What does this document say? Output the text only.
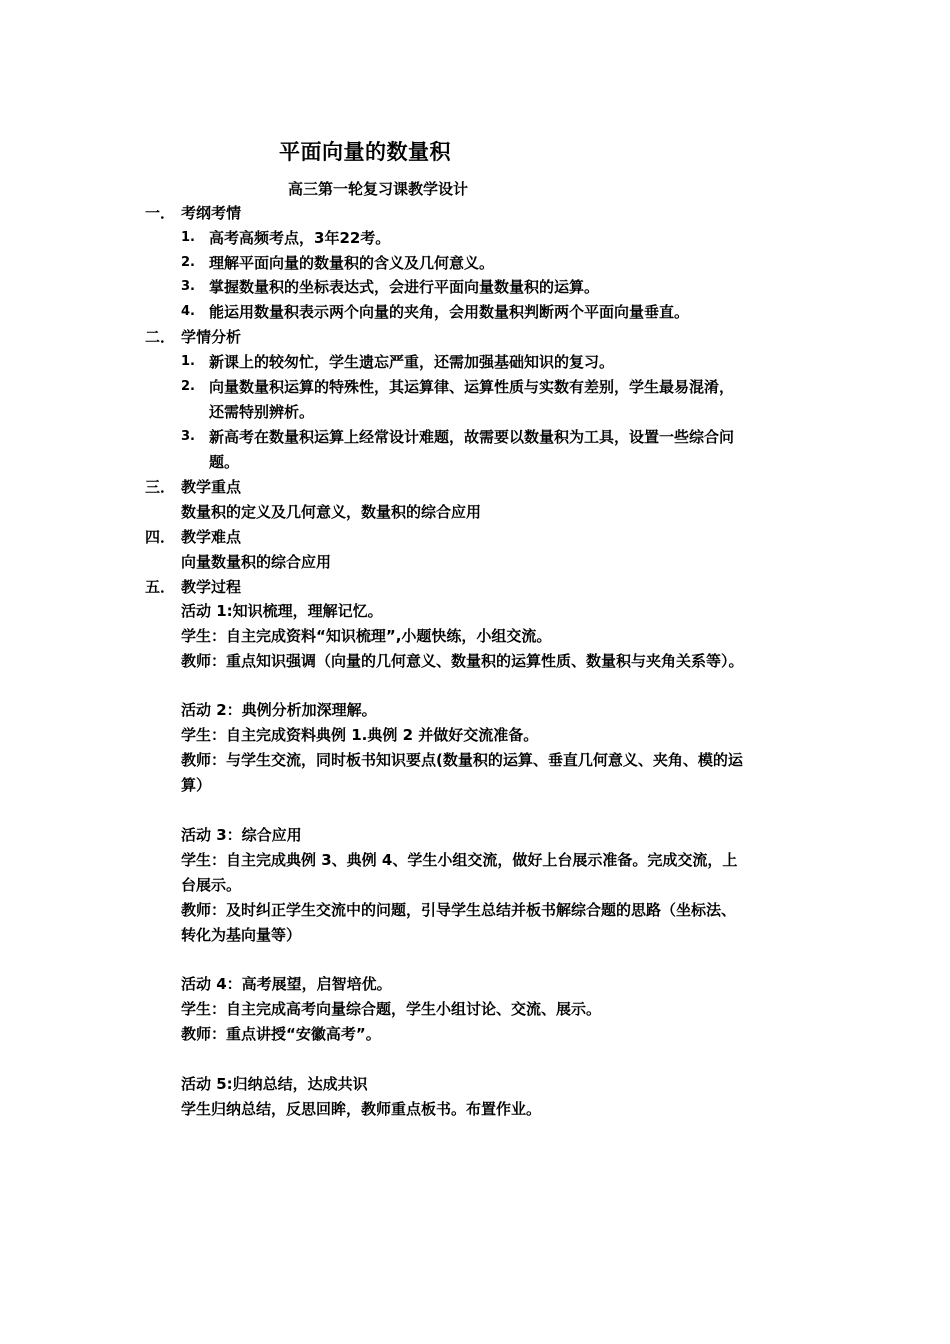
平面向量的数量积
高三第一轮复习课教学设计
一． 考纲考情
1. 高考高频考点，3年22考。
2. 理解平面向量的数量积的含义及几何意义。
3. 掌握数量积的坐标表达式，会进行平面向量数量积的运算。
4. 能运用数量积表示两个向量的夹角，会用数量积判断两个平面向量垂直。
二． 学情分析
1. 新课上的较匆忙，学生遗忘严重，还需加强基础知识的复习。
2. 向量数量积运算的特殊性，其运算律、运算性质与实数有差别，学生最易混淆，
还需特别辨析。
3. 新高考在数量积运算上经常设计难题，故需要以数量积为工具，设置一些综合问
题。
三． 教学重点
数量积的定义及几何意义，数量积的综合应用
四． 教学难点
向量数量积的综合应用
五． 教学过程
活动 1:知识梳理，理解记忆。
学生：自主完成资料“知识梳理”,小题快练，小组交流。
教师：重点知识强调（向量的几何意义、数量积的运算性质、数量积与夹角关系等）。
活动 2：典例分析加深理解。
学生：自主完成资料典例 1.典例 2 并做好交流准备。
教师：与学生交流，同时板书知识要点(数量积的运算、垂直几何意义、夹角、模的运
算）
活动 3：综合应用
学生：自主完成典例 3、典例 4、学生小组交流，做好上台展示准备。完成交流，上
台展示。
教师：及时纠正学生交流中的问题，引导学生总结并板书解综合题的思路（坐标法、
转化为基向量等）
活动 4：高考展望，启智培优。
学生：自主完成高考向量综合题，学生小组讨论、交流、展示。
教师：重点讲授“安徽高考”。
活动 5:归纳总结，达成共识
学生归纳总结，反思回眸，教师重点板书。布置作业。
